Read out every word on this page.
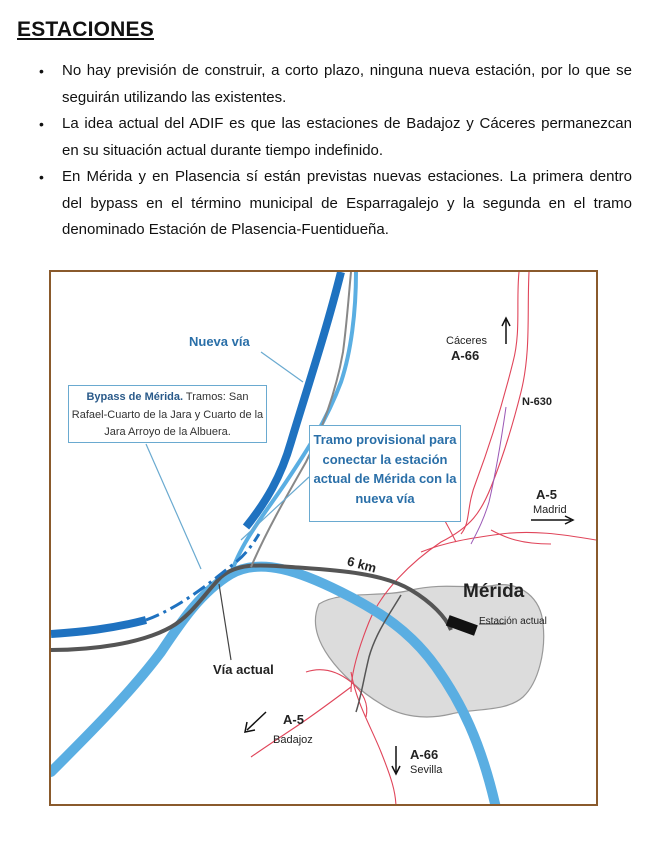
ESTACIONES
• No hay previsión de construir, a corto plazo, ninguna nueva estación, por lo que se seguirán utilizando las existentes.
• La idea actual del ADIF es que las estaciones de Badajoz y Cáceres permanezcan en su situación actual durante tiempo indefinido.
• En Mérida y en Plasencia sí están previstas nuevas estaciones. La primera dentro del bypass en el término municipal de Esparragalejo y la segunda en el tramo denominado Estación de Plasencia-Fuentidueña.
Nueva vía
Bypass de Mérida. Tramos: San Rafael-Cuarto de la Jara y Cuarto de la Jara Arroyo de la Albuera.	Tramo provisional para conectar la estación actual de Mérida con la nueva vía
Cáceres
A-66
N-630
A-5
Madrid
6 km
Mérida
Estación actual
Vía actual
A-5
Badajoz
A-66
Sevilla
